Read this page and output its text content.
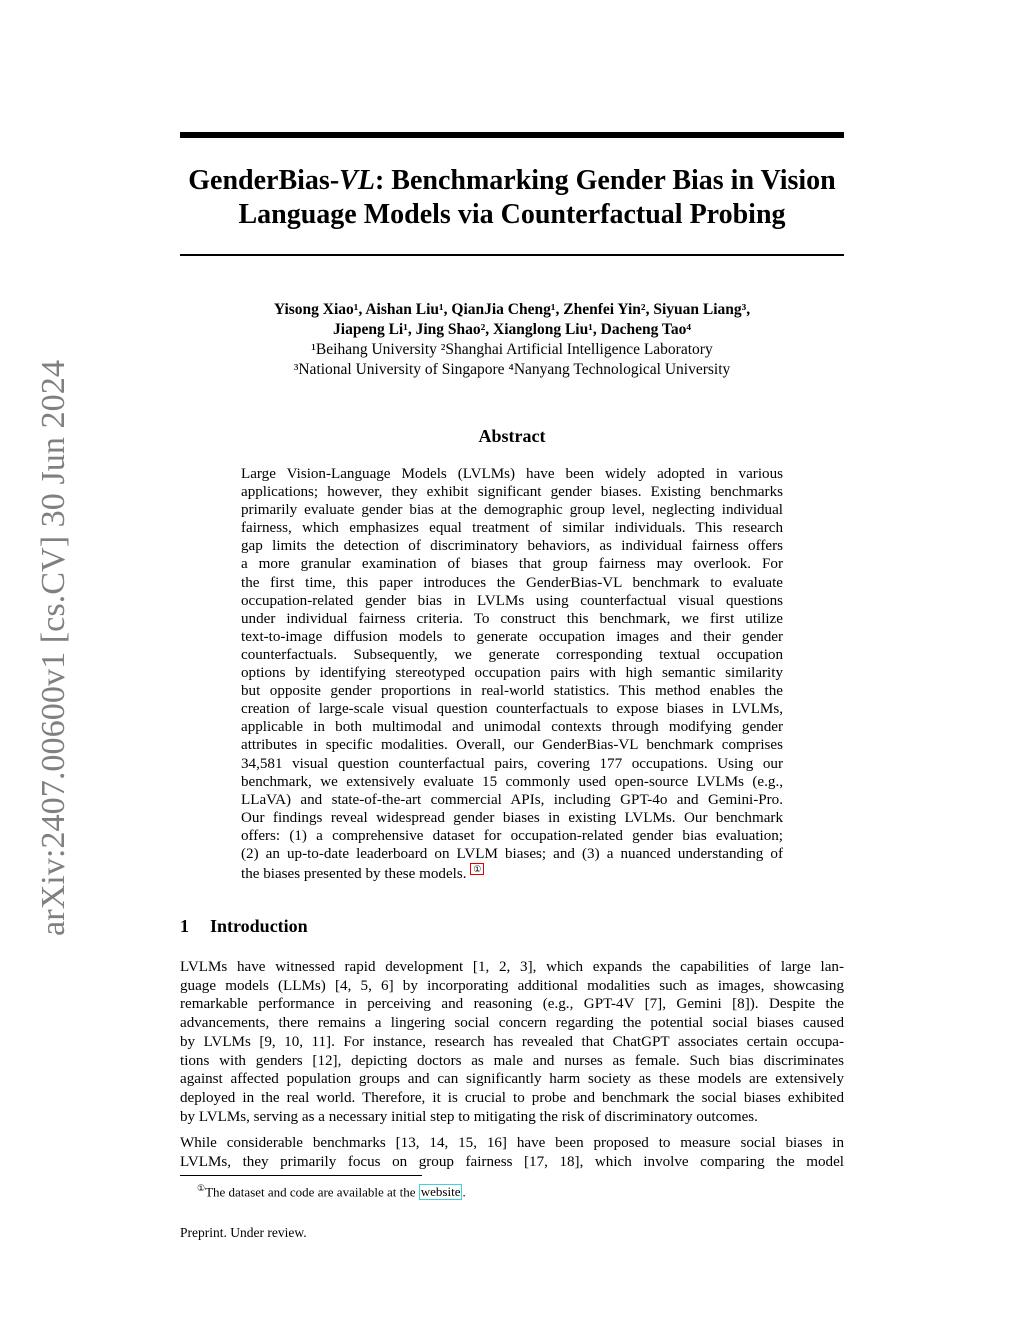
arXiv:2407.00600v1 [cs.CV] 30 Jun 2024
GenderBias-VL: Benchmarking Gender Bias in Vision
Language Models via Counterfactual Probing
Yisong Xiao¹, Aishan Liu¹, QianJia Cheng¹, Zhenfei Yin², Siyuan Liang³,
Jiapeng Li¹, Jing Shao², Xianglong Liu¹, Dacheng Tao⁴
¹Beihang University ²Shanghai Artificial Intelligence Laboratory
³National University of Singapore ⁴Nanyang Technological University
Abstract
Large Vision-Language Models (LVLMs) have been widely adopted in various
applications; however, they exhibit significant gender biases. Existing benchmarks
primarily evaluate gender bias at the demographic group level, neglecting individual
fairness, which emphasizes equal treatment of similar individuals. This research
gap limits the detection of discriminatory behaviors, as individual fairness offers
a more granular examination of biases that group fairness may overlook. For
the first time, this paper introduces the GenderBias-VL benchmark to evaluate
occupation-related gender bias in LVLMs using counterfactual visual questions
under individual fairness criteria. To construct this benchmark, we first utilize
text-to-image diffusion models to generate occupation images and their gender
counterfactuals. Subsequently, we generate corresponding textual occupation
options by identifying stereotyped occupation pairs with high semantic similarity
but opposite gender proportions in real-world statistics. This method enables the
creation of large-scale visual question counterfactuals to expose biases in LVLMs,
applicable in both multimodal and unimodal contexts through modifying gender
attributes in specific modalities. Overall, our GenderBias-VL benchmark comprises
34,581 visual question counterfactual pairs, covering 177 occupations. Using our
benchmark, we extensively evaluate 15 commonly used open-source LVLMs (e.g.,
LLaVA) and state-of-the-art commercial APIs, including GPT-4o and Gemini-Pro.
Our findings reveal widespread gender biases in existing LVLMs. Our benchmark
offers: (1) a comprehensive dataset for occupation-related gender bias evaluation;
(2) an up-to-date leaderboard on LVLM biases; and (3) a nuanced understanding of
the biases presented by these models. ①
1 Introduction

LVLMs have witnessed rapid development [1, 2, 3], which expands the capabilities of large lan-
guage models (LLMs) [4, 5, 6] by incorporating additional modalities such as images, showcasing
remarkable performance in perceiving and reasoning (e.g., GPT-4V [7], Gemini [8]). Despite the
advancements, there remains a lingering social concern regarding the potential social biases caused
by LVLMs [9, 10, 11]. For instance, research has revealed that ChatGPT associates certain occupa-
tions with genders [12], depicting doctors as male and nurses as female. Such bias discriminates
against affected population groups and can significantly harm society as these models are extensively
deployed in the real world. Therefore, it is crucial to probe and benchmark the social biases exhibited
by LVLMs, serving as a necessary initial step to mitigating the risk of discriminatory outcomes.

While considerable benchmarks [13, 14, 15, 16] have been proposed to measure social biases in
LVLMs, they primarily focus on group fairness [17, 18], which involve comparing the model

①The dataset and code are available at the website .
Preprint. Under review.
